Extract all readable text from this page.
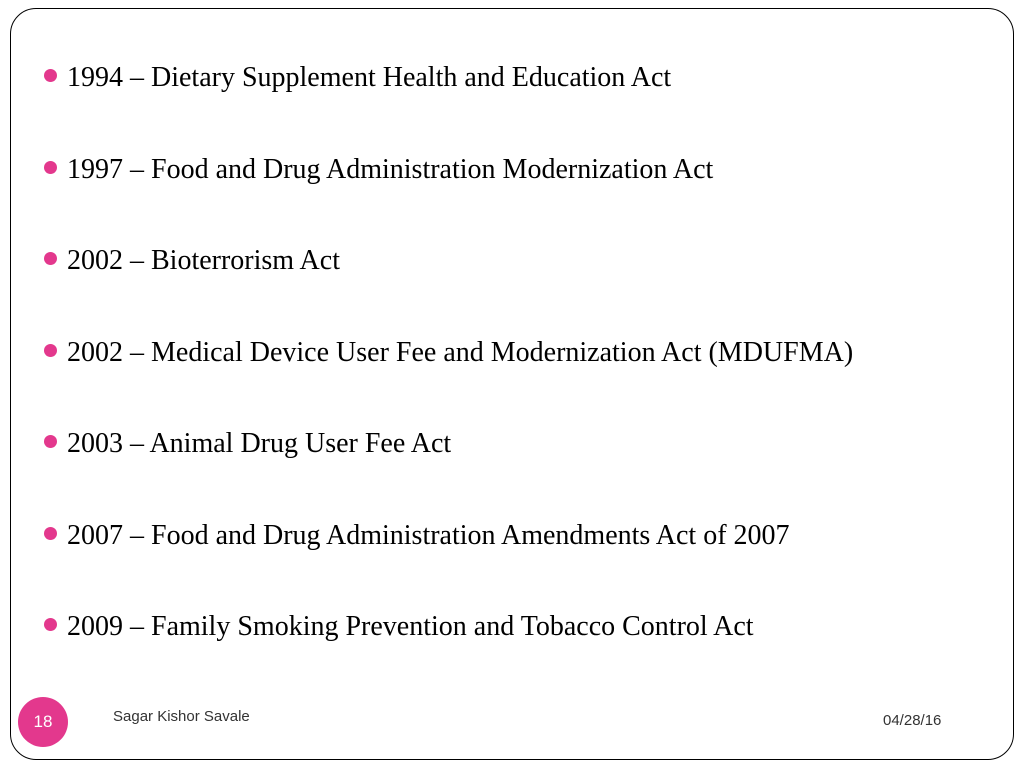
1994 – Dietary Supplement Health and Education Act
1997 – Food and Drug Administration Modernization Act
2002 – Bioterrorism Act
2002 – Medical Device User Fee and Modernization Act (MDUFMA)
2003 – Animal Drug User Fee Act
2007 – Food and Drug Administration Amendments Act of 2007
2009 – Family Smoking Prevention and Tobacco Control Act
18	Sagar Kishor Savale	04/28/16
